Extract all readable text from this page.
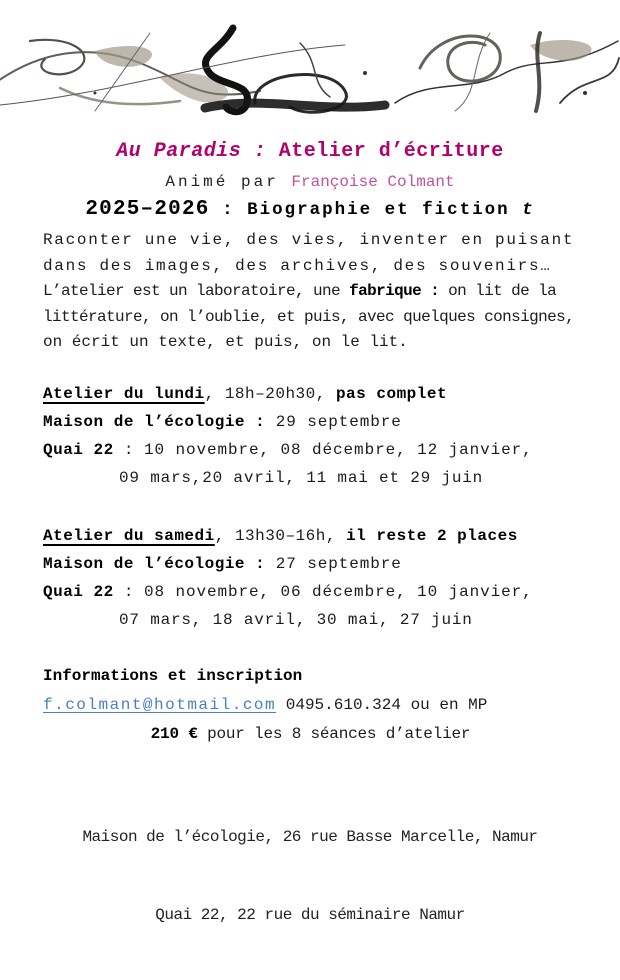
Au Paradis : Atelier d’écriture
Animé par Françoise Colmant
2025–2026 : Biographie et fiction t
Raconter une vie, des vies, inventer en puisant
dans des images, des archives, des souvenirs…
L’atelier est un laboratoire, une fabrique : on lit de la
littérature, on l’oublie, et puis, avec quelques consignes,
on écrit un texte, et puis, on le lit.
Atelier du lundi, 18h–20h30, pas complet
Maison de l’écologie : 29 septembre
Quai 22 : 10 novembre, 08 décembre, 12 janvier,
09 mars,20 avril, 11 mai et 29 juin
Atelier du samedi, 13h30–16h, il reste 2 places
Maison de l’écologie : 27 septembre
Quai 22 : 08 novembre, 06 décembre, 10 janvier,
07 mars, 18 avril, 30 mai, 27 juin
Informations et inscription
f.colmant@hotmail.com 0495.610.324 ou en MP
210 € pour les 8 séances d’atelier

Maison de l’écologie, 26 rue Basse Marcelle, Namur

Quai 22, 22 rue du séminaire Namur
